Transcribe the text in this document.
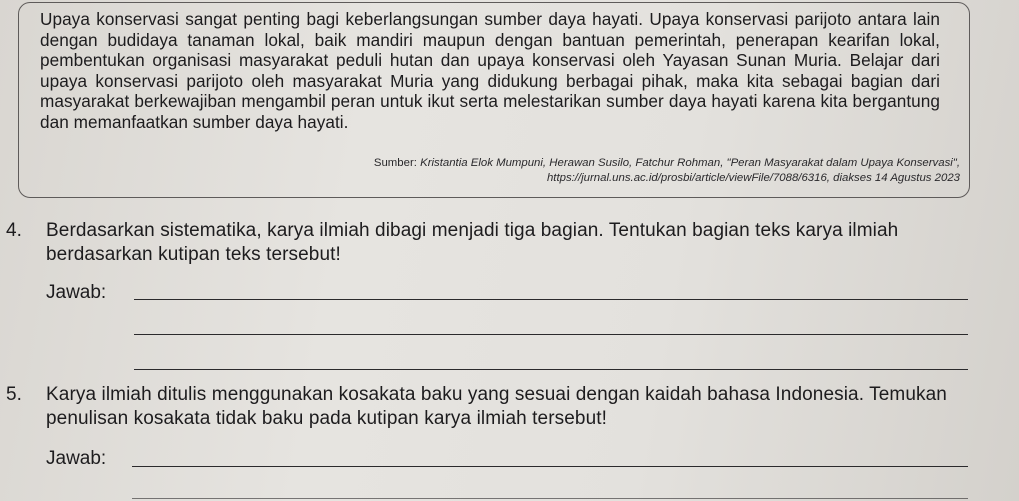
Upaya konservasi sangat penting bagi keberlangsungan sumber daya hayati. Upaya konservasi parijoto antara lain dengan budidaya tanaman lokal, baik mandiri maupun dengan bantuan pemerintah, penerapan kearifan lokal, pembentukan organisasi masyarakat peduli hutan dan upaya konservasi oleh Yayasan Sunan Muria. Belajar dari upaya konservasi parijoto oleh masyarakat Muria yang didukung berbagai pihak, maka kita sebagai bagian dari masyarakat berkewajiban mengambil peran untuk ikut serta melestarikan sumber daya hayati karena kita bergantung dan memanfaatkan sumber daya hayati.
Sumber: Kristantia Elok Mumpuni, Herawan Susilo, Fatchur Rohman, "Peran Masyarakat dalam Upaya Konservasi", https://jurnal.uns.ac.id/prosbi/article/viewFile/7088/6316, diakses 14 Agustus 2023
4. Berdasarkan sistematika, karya ilmiah dibagi menjadi tiga bagian. Tentukan bagian teks karya ilmiah berdasarkan kutipan teks tersebut!
Jawab:
5. Karya ilmiah ditulis menggunakan kosakata baku yang sesuai dengan kaidah bahasa Indonesia. Temukan penulisan kosakata tidak baku pada kutipan karya ilmiah tersebut!
Jawab:
